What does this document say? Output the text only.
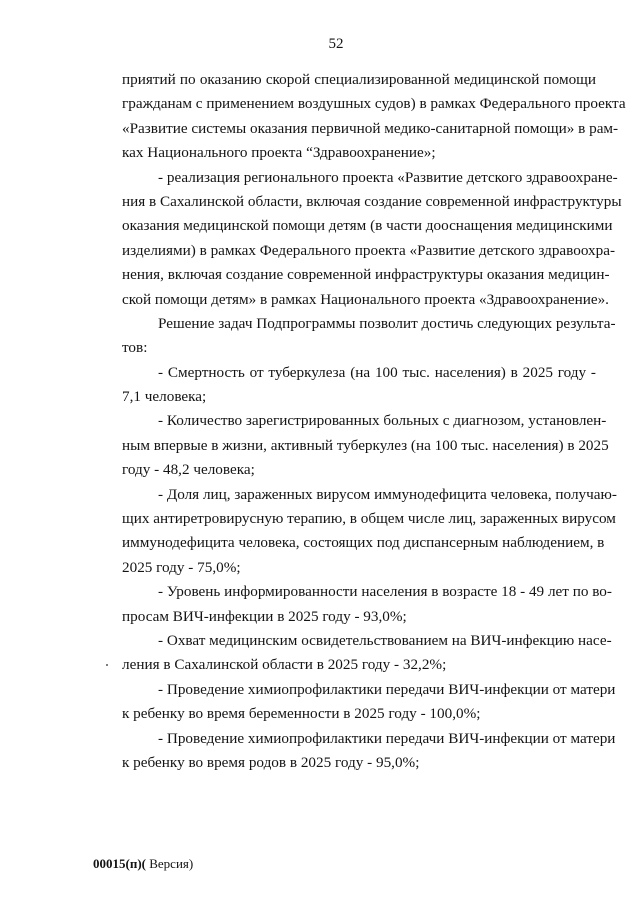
52
приятий по оказанию скорой специализированной медицинской помощи
гражданам с применением воздушных судов) в рамках Федерального проекта
«Развитие системы оказания первичной медико-санитарной помощи» в рам-
ках Национального проекта “Здравоохранение»;
- реализация регионального проекта «Развитие детского здравоохране-
ния в Сахалинской области, включая создание современной инфраструктуры
оказания медицинской помощи детям (в части дооснащения медицинскими
изделиями) в рамках Федерального проекта «Развитие детского здравоохра-
нения, включая создание современной инфраструктуры оказания медицин-
ской помощи детям» в рамках Национального проекта «Здравоохранение».
Решение задач Подпрограммы позволит достичь следующих результа-
тов:
- Смертность от туберкулеза (на 100 тыс. населения) в 2025 году -
7,1 человека;
- Количество зарегистрированных больных с диагнозом, установлен-
ным впервые в жизни, активный туберкулез (на 100 тыс. населения) в 2025
году - 48,2 человека;
- Доля лиц, зараженных вирусом иммунодефицита человека, получаю-
щих антиретровирусную терапию, в общем числе лиц, зараженных вирусом
иммунодефицита человека, состоящих под диспансерным наблюдением, в
2025 году - 75,0%;
- Уровень информированности населения в возрасте 18 - 49 лет по во-
просам ВИЧ-инфекции в 2025 году - 93,0%;
- Охват медицинским освидетельствованием на ВИЧ-инфекцию насе-
ления в Сахалинской области в 2025 году - 32,2%;
- Проведение химиопрофилактики передачи ВИЧ-инфекции от матери
к ребенку во время беременности в 2025 году - 100,0%;
- Проведение химиопрофилактики передачи ВИЧ-инфекции от матери
к ребенку во время родов в 2025 году - 95,0%;
00015(п)( Версия)
